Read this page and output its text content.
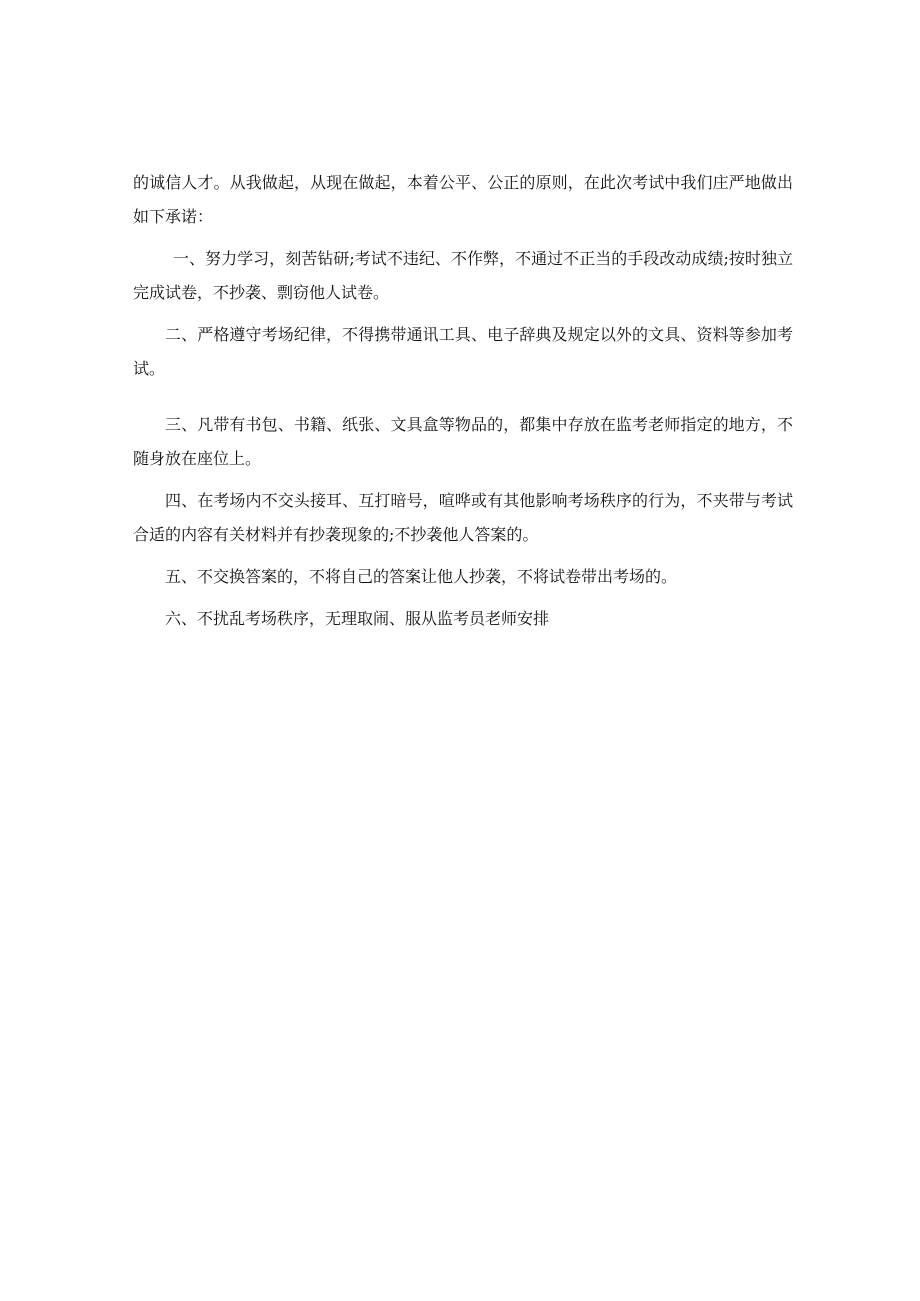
的诚信人才。从我做起，从现在做起，本着公平、公正的原则，在此次考试中我们庄严地做出如下承诺：

一、努力学习，刻苦钻研;考试不违纪、不作弊，不通过不正当的手段改动成绩;按时独立完成试卷，不抄袭、剽窃他人试卷。

二、严格遵守考场纪律，不得携带通讯工具、电子辞典及规定以外的文具、资料等参加考试。

三、凡带有书包、书籍、纸张、文具盒等物品的，都集中存放在监考老师指定的地方，不随身放在座位上。

四、在考场内不交头接耳、互打暗号，喧哗或有其他影响考场秩序的行为，不夹带与考试合适的内容有关材料并有抄袭现象的;不抄袭他人答案的。

五、不交换答案的，不将自己的答案让他人抄袭，不将试卷带出考场的。

六、不扰乱考场秩序，无理取闹、服从监考员老师安排
